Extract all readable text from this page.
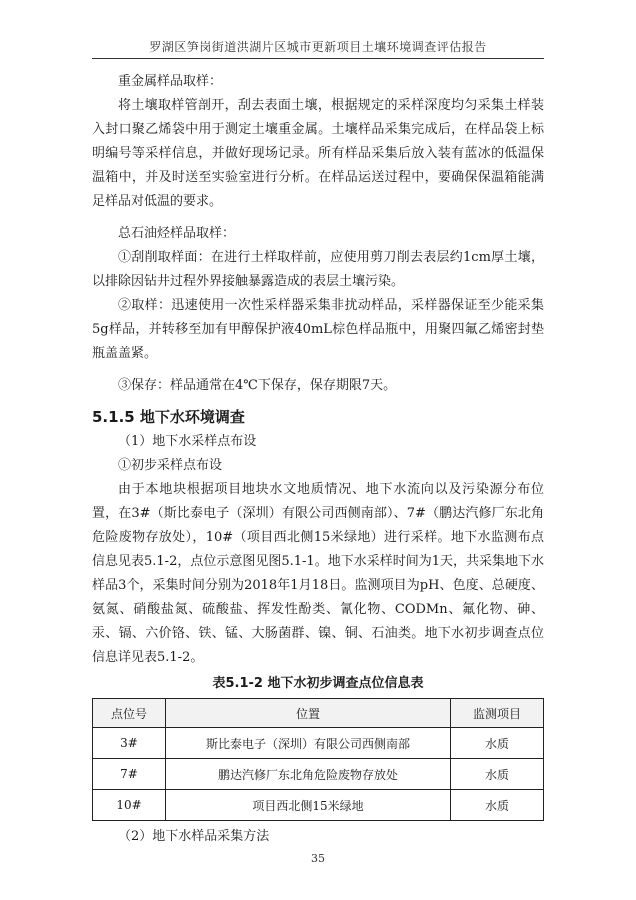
罗湖区笋岗街道洪湖片区城市更新项目土壤环境调查评估报告

重金属样品取样：

将土壤取样管剖开，刮去表面土壤，根据规定的采样深度均匀采集土样装入封口聚乙烯袋中用于测定土壤重金属。土壤样品采集完成后，在样品袋上标明编号等采样信息，并做好现场记录。所有样品采集后放入装有蓝冰的低温保温箱中，并及时送至实验室进行分析。在样品运送过程中，要确保保温箱能满足样品对低温的要求。

总石油烃样品取样：

①刮削取样面：在进行土样取样前，应使用剪刀削去表层约1cm厚土壤，以排除因钻井过程外界接触暴露造成的表层土壤污染。

②取样：迅速使用一次性采样器采集非扰动样品，采样器保证至少能采集5g样品，并转移至加有甲醇保护液40mL棕色样品瓶中，用聚四氟乙烯密封垫瓶盖盖紧。

③保存：样品通常在4℃下保存，保存期限7天。

5.1.5 地下水环境调查

（1）地下水采样点布设

①初步采样点布设

由于本地块根据项目地块水文地质情况、地下水流向以及污染源分布位置，在3#（斯比泰电子（深圳）有限公司西侧南部）、7#（鹏达汽修厂东北角危险废物存放处），10#（项目西北侧15米绿地）进行采样。地下水监测布点信息见表5.1-2，点位示意图见图5.1-1。地下水采样时间为1天，共采集地下水样品3个，采集时间分别为2018年1月18日。监测项目为pH、色度、总硬度、氨氮、硝酸盐氮、硫酸盐、挥发性酚类、氰化物、CODMn、氟化物、砷、汞、镉、六价铬、铁、锰、大肠菌群、镍、铜、石油类。地下水初步调查点位信息详见表5.1-2。

表5.1-2 地下水初步调查点位信息表
点位号	位置	监测项目
3#	斯比泰电子（深圳）有限公司西侧南部	水质
7#	鹏达汽修厂东北角危险废物存放处	水质
10#	项目西北侧15米绿地	水质

（2）地下水样品采集方法

35
